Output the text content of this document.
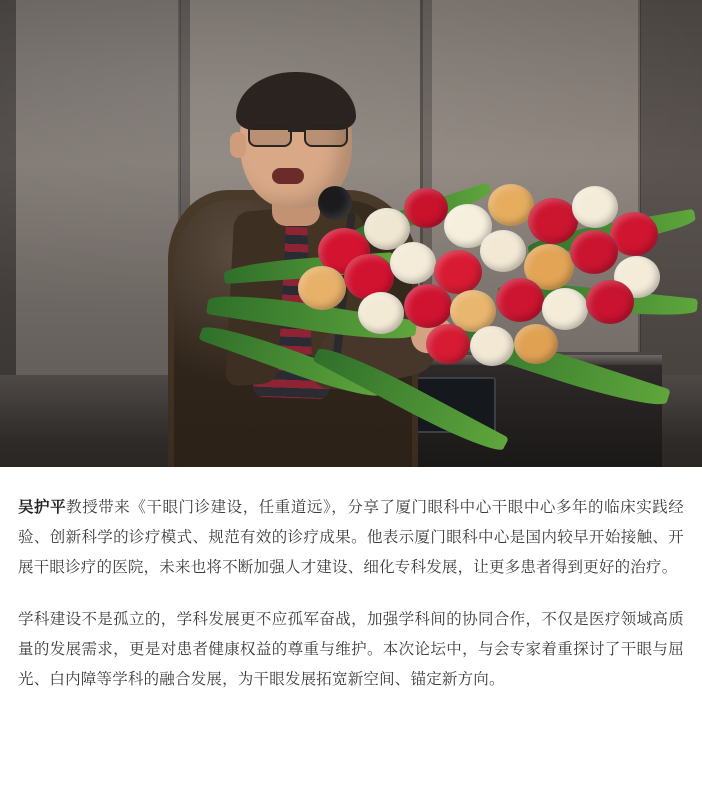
吴护平教授带来《干眼门诊建设，任重道远》，分享了厦门眼科中心干眼中心多年的临床实践经验、创新科学的诊疗模式、规范有效的诊疗成果。他表示厦门眼科中心是国内较早开始接触、开展干眼诊疗的医院，未来也将不断加强人才建设、细化专科发展，让更多患者得到更好的治疗。

学科建设不是孤立的，学科发展更不应孤军奋战，加强学科间的协同合作，不仅是医疗领域高质量的发展需求，更是对患者健康权益的尊重与维护。本次论坛中，与会专家着重探讨了干眼与屈光、白内障等学科的融合发展，为干眼发展拓宽新空间、锚定新方向。
